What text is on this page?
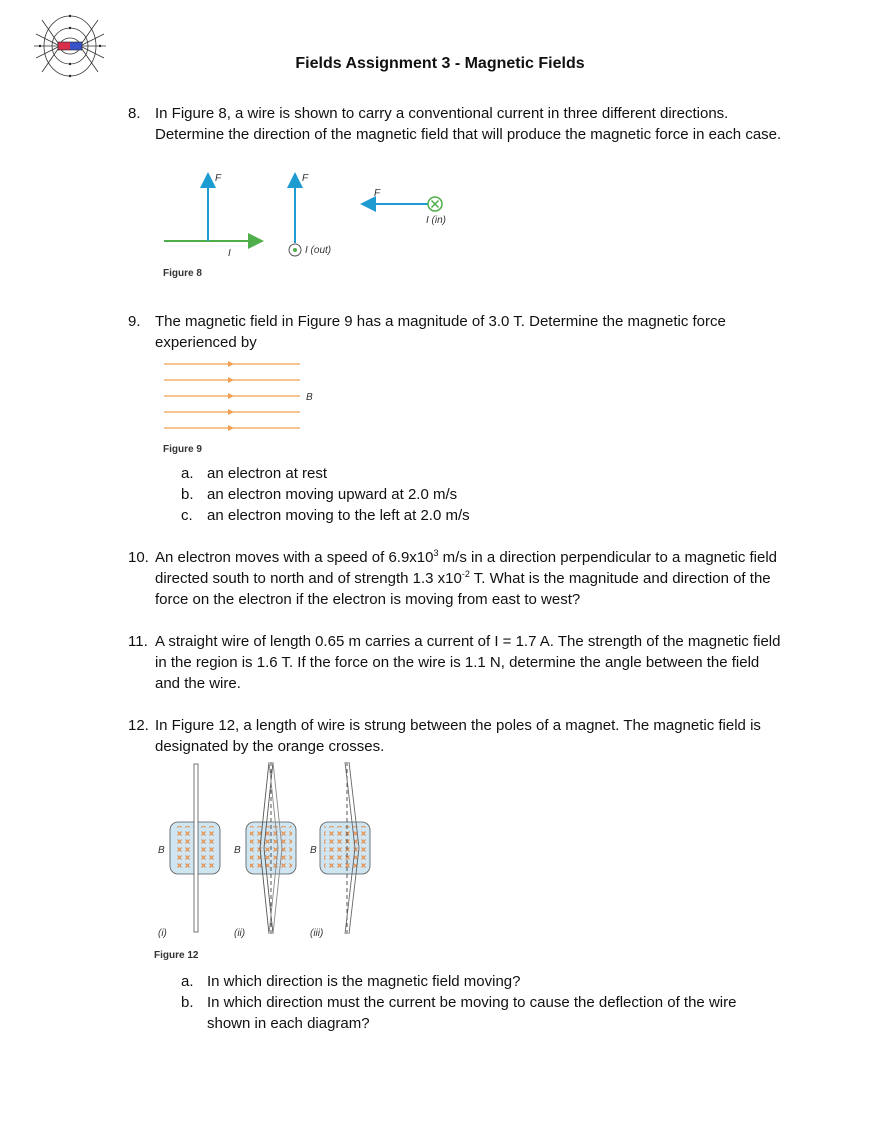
Fields Assignment 3 - Magnetic Fields
8. In Figure 8, a wire is shown to carry a conventional current in three different directions. Determine the direction of the magnetic field that will produce the magnetic force in each case.
F
I
F
I (out)
F
I (in)
Figure 8
9. The magnetic field in Figure 9 has a magnitude of 3.0 T. Determine the magnetic force experienced by
B
Figure 9
a. an electron at rest
b. an electron moving upward at 2.0 m/s
c. an electron moving to the left at 2.0 m/s
10. An electron moves with a speed of $6.9x10^3$ m/s in a direction perpendicular to a magnetic field directed south to north and of strength 1.3 $x10^{-2}$ T. What is the magnitude and direction of the force on the electron if the electron is moving from east to west?
11. A straight wire of length 0.65 m carries a current of I = 1.7 A. The strength of the magnetic field in the region is 1.6 T. If the force on the wire is 1.1 N, determine the angle between the field and the wire.
12. In Figure 12, a length of wire is strung between the poles of a magnet. The magnetic field is designated by the orange crosses.
B
(i)
B
(ii)
B
(iii)
Figure 12
a. In which direction is the magnetic field moving?
b. In which direction must the current be moving to cause the deflection of the wire shown in each diagram?
